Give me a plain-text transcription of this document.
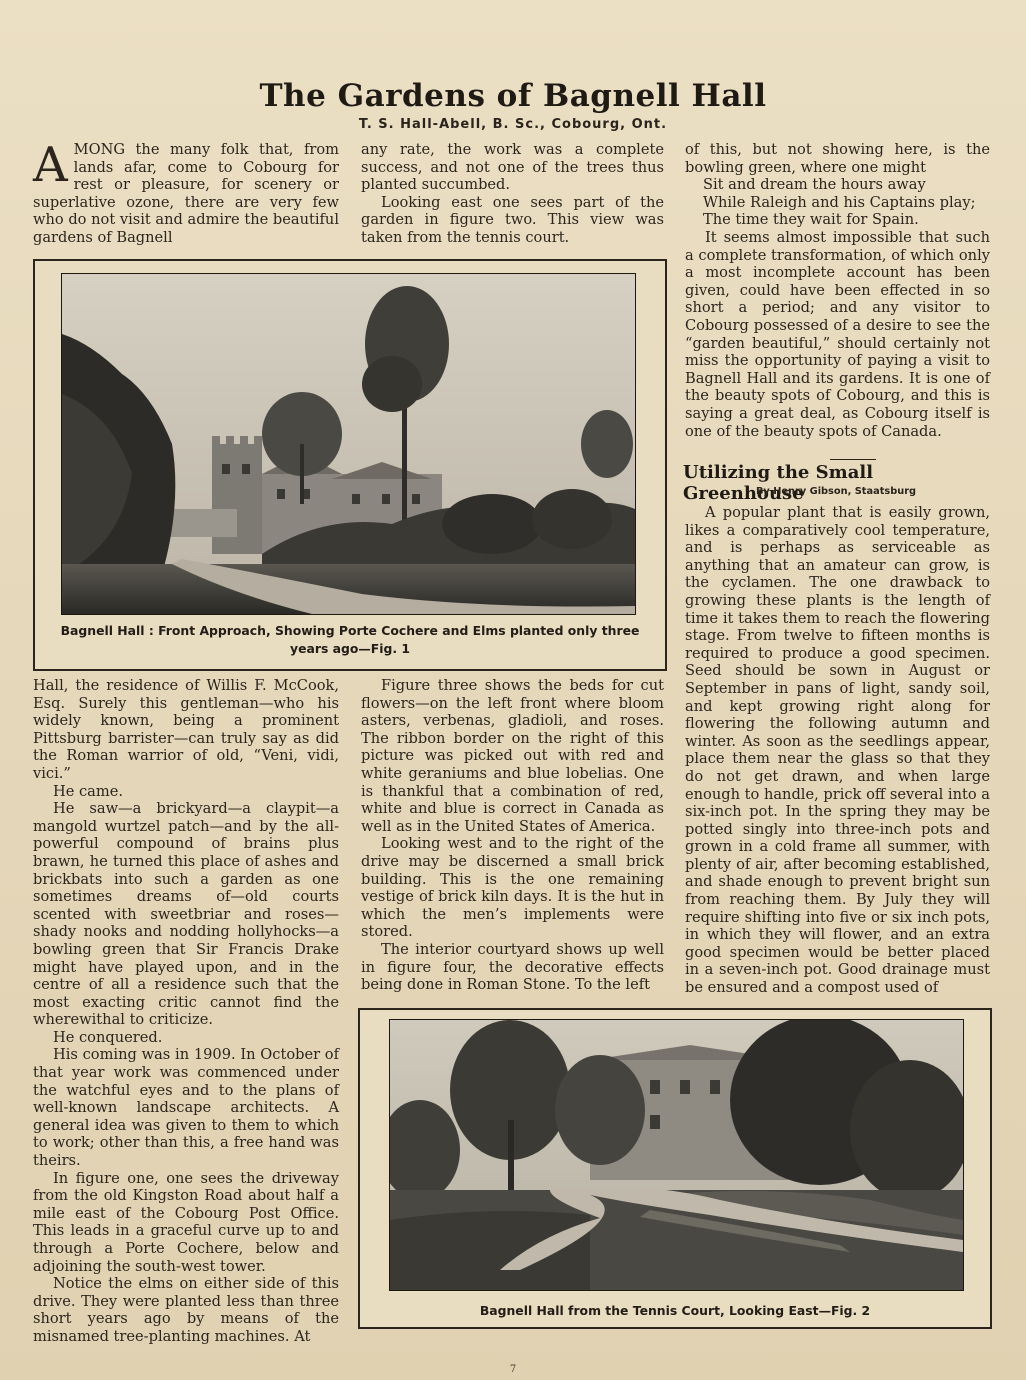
The Gardens of Bagnell Hall
T. S. Hall-Abell, B. Sc., Cobourg, Ont.

AMONG the many folk that, from lands afar, come to Cobourg for rest or pleasure, for scenery or superlative ozone, there are very few who do not visit and admire the beautiful gardens of Bagnell

any rate, the work was a complete success, and not one of the trees thus planted succumbed.

Looking east one sees part of the garden in figure two. This view was taken from the tennis court.

of this, but not showing here, is the bowling green, where one might

Sit and dream the hours away

While Raleigh and his Captains play;

The time they wait for Spain.

It seems almost impossible that such a complete transformation, of which only a most incomplete account has been given, could have been effected in so short a period; and any visitor to Cobourg possessed of a desire to see the “garden beautiful,” should certainly not miss the opportunity of paying a visit to Bagnell Hall and its gardens. It is one of the beauty spots of Cobourg, and this is saying a great deal, as Cobourg itself is one of the beauty spots of Canada.

Utilizing the Small Greenhouse
By Henry Gibson, Staatsburg

A popular plant that is easily grown, likes a comparatively cool temperature, and is perhaps as serviceable as anything that an amateur can grow, is the cyclamen. The one drawback to growing these plants is the length of time it takes them to reach the flowering stage. From twelve to fifteen months is required to produce a good specimen. Seed should be sown in August or September in pans of light, sandy soil, and kept growing right along for flowering the following autumn and winter. As soon as the seedlings appear, place them near the glass so that they do not get drawn, and when large enough to handle, prick off several into a six-inch pot. In the spring they may be potted singly into three-inch pots and grown in a cold frame all summer, with plenty of air, after becoming established, and shade enough to prevent bright sun from reaching them. By July they will require shifting into five or six inch pots, in which they will flower, and an extra good specimen would be better placed in a seven-inch pot. Good drainage must be ensured and a compost used of

Bagnell Hall : Front Approach, Showing Porte Cochere and Elms planted only three
years ago—Fig. 1

Hall, the residence of Willis F. McCook, Esq. Surely this gentleman—who his widely known, being a prominent Pittsburg barrister—can truly say as did the Roman warrior of old, “Veni, vidi, vici.”

He came.

He saw—a brickyard—a claypit—a mangold wurtzel patch—and by the all-powerful compound of brains plus brawn, he turned this place of ashes and brickbats into such a garden as one sometimes dreams of—old courts scented with sweetbriar and roses—shady nooks and nodding hollyhocks—a bowling green that Sir Francis Drake might have played upon, and in the centre of all a residence such that the most exacting critic cannot find the wherewithal to criticize.

He conquered.

His coming was in 1909. In October of that year work was commenced under the watchful eyes and to the plans of well-known landscape architects. A general idea was given to them to which to work; other than this, a free hand was theirs.

In figure one, one sees the driveway from the old Kingston Road about half a mile east of the Cobourg Post Office. This leads in a graceful curve up to and through a Porte Cochere, below and adjoining the south-west tower.

Notice the elms on either side of this drive. They were planted less than three short years ago by means of the misnamed tree-planting machines. At

Figure three shows the beds for cut flowers—on the left front where bloom asters, verbenas, gladioli, and roses. The ribbon border on the right of this picture was picked out with red and white geraniums and blue lobelias. One is thankful that a combination of red, white and blue is correct in Canada as well as in the United States of America.

Looking west and to the right of the drive may be discerned a small brick building. This is the one remaining vestige of brick kiln days. It is the hut in which the men’s implements were stored.

The interior courtyard shows up well in figure four, the decorative effects being done in Roman Stone. To the left

Bagnell Hall from the Tennis Court, Looking East—Fig. 2
7
